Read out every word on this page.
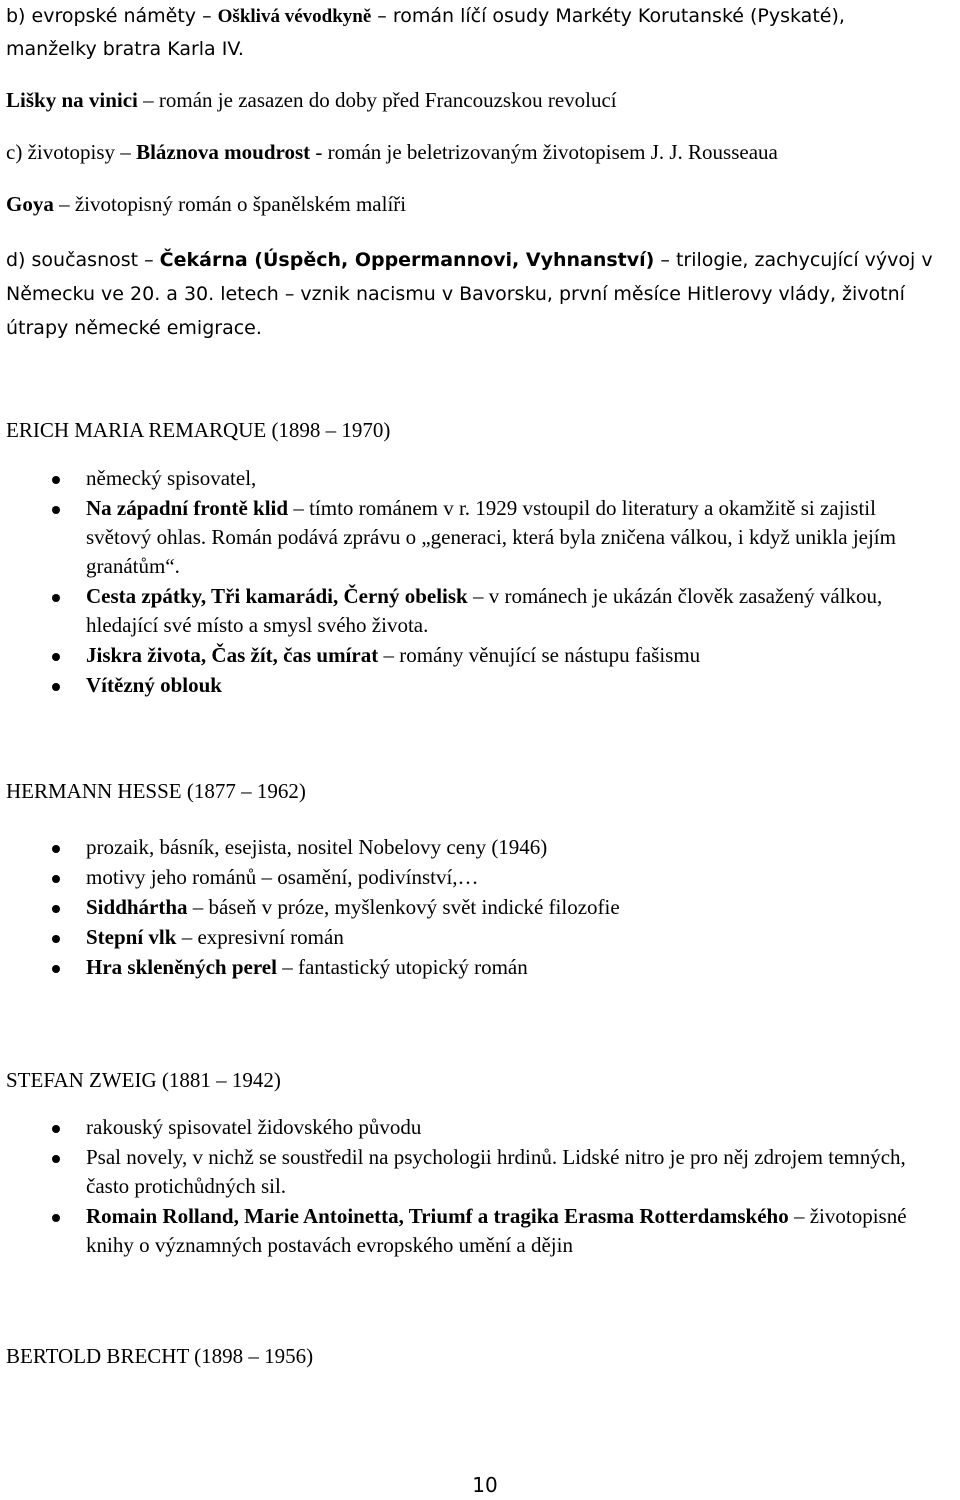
b) evropské náměty – Ošklivá vévodkyně – román líčí osudy Markéty Korutanské (Pyskaté), manželky bratra Karla IV.

Lišky na vinici – román je zasazen do doby před Francouzskou revolucí

c) životopisy – Bláznova moudrost - román je beletrizovaným životopisem J. J. Rousseaua

Goya – životopisný román o španělském malíři

d) současnost – Čekárna (Úspěch, Oppermannovi, Vyhnanství) – trilogie, zachycující vývoj v Německu ve 20. a 30. letech – vznik nacismu v Bavorsku, první měsíce Hitlerovy vlády, životní útrapy německé emigrace.

ERICH MARIA REMARQUE (1898 – 1970)

německý spisovatel,
Na západní frontě klid – tímto románem v r. 1929 vstoupil do literatury a okamžitě si zajistil světový ohlas. Román podává zprávu o „generaci, která byla zničena válkou, i když unikla jejím granátům“.
Cesta zpátky, Tři kamarádi, Černý obelisk – v románech je ukázán člověk zasažený válkou, hledající své místo a smysl svého života.
Jiskra života, Čas žít, čas umírat – romány věnující se nástupu fašismu
Vítězný oblouk

HERMANN HESSE (1877 – 1962)

prozaik, básník, esejista, nositel Nobelovy ceny (1946)
motivy jeho románů – osamění, podivínství,…
Siddhártha – báseň v próze, myšlenkový svět indické filozofie
Stepní vlk – expresivní román
Hra skleněných perel – fantastický utopický román

STEFAN ZWEIG (1881 – 1942)

rakouský spisovatel židovského původu
Psal novely, v nichž se soustředil na psychologii hrdinů. Lidské nitro je pro něj zdrojem temných, často protichůdných sil.
Romain Rolland, Marie Antoinetta, Triumf a tragika Erasma Rotterdamského – životopisné knihy o významných postavách evropského umění a dějin

BERTOLD BRECHT (1898 – 1956)

10
